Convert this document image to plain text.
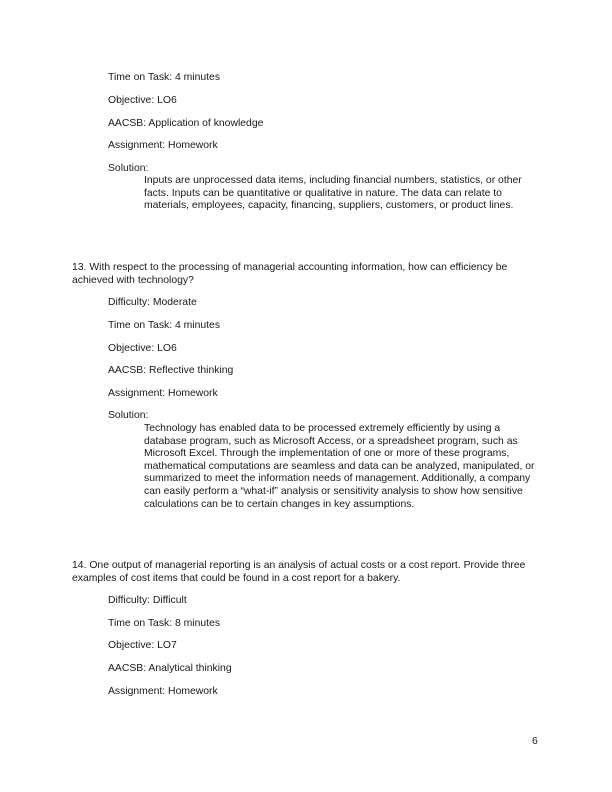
Time on Task: 4 minutes
Objective: LO6
AACSB: Application of knowledge
Assignment: Homework
Solution:
Inputs are unprocessed data items, including financial numbers, statistics, or other facts. Inputs can be quantitative or qualitative in nature. The data can relate to materials, employees, capacity, financing, suppliers, customers, or product lines.
13. With respect to the processing of managerial accounting information, how can efficiency be achieved with technology?
Difficulty: Moderate
Time on Task: 4 minutes
Objective: LO6
AACSB: Reflective thinking
Assignment: Homework
Solution:
Technology has enabled data to be processed extremely efficiently by using a database program, such as Microsoft Access, or a spreadsheet program, such as Microsoft Excel. Through the implementation of one or more of these programs, mathematical computations are seamless and data can be analyzed, manipulated, or summarized to meet the information needs of management. Additionally, a company can easily perform a “what-if” analysis or sensitivity analysis to show how sensitive calculations can be to certain changes in key assumptions.
14. One output of managerial reporting is an analysis of actual costs or a cost report. Provide three examples of cost items that could be found in a cost report for a bakery.
Difficulty: Difficult
Time on Task: 8 minutes
Objective: LO7
AACSB: Analytical thinking
Assignment: Homework
6
